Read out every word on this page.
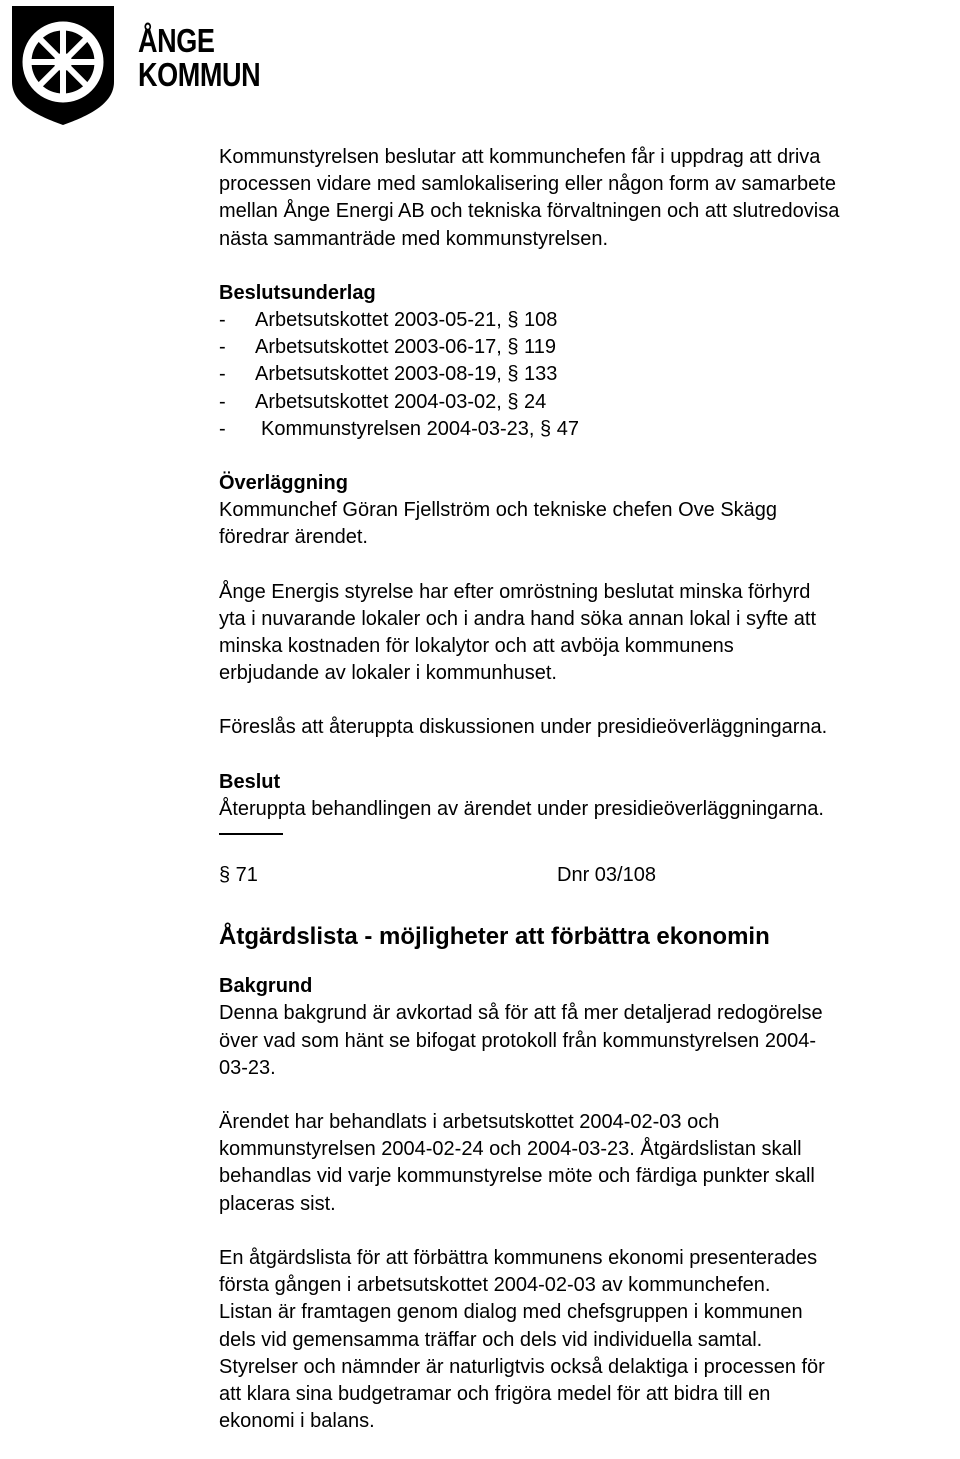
ÅNGE
KOMMUN

Kommunstyrelsen beslutar att kommunchefen får i uppdrag att driva
processen vidare med samlokalisering eller någon form av samarbete
mellan Ånge Energi AB och tekniska förvaltningen och att slutredovisa
nästa sammanträde med kommunstyrelsen.

Beslutsunderlag

- Arbetsutskottet 2003-05-21, § 108
- Arbetsutskottet 2003-06-17, § 119
- Arbetsutskottet 2003-08-19, § 133
- Arbetsutskottet 2004-03-02, § 24
- Kommunstyrelsen 2004-03-23, § 47

Överläggning

Kommunchef Göran Fjellström och tekniske chefen Ove Skägg
föredrar ärendet.

Ånge Energis styrelse har efter omröstning beslutat minska förhyrd
yta i nuvarande lokaler och i andra hand söka annan lokal i syfte att
minska kostnaden för lokalytor och att avböja kommunens
erbjudande av lokaler i kommunhuset.

Föreslås att återuppta diskussionen under presidieöverläggningarna.

Beslut

Återuppta behandlingen av ärendet under presidieöverläggningarna.

§ 71	Dnr 03/108

Åtgärdslista - möjligheter att förbättra ekonomin

Bakgrund

Denna bakgrund är avkortad så för att få mer detaljerad redogörelse
över vad som hänt se bifogat protokoll från kommunstyrelsen 2004-
03-23.

Ärendet har behandlats i arbetsutskottet 2004-02-03 och
kommunstyrelsen 2004-02-24 och 2004-03-23. Åtgärdslistan skall
behandlas vid varje kommunstyrelse möte och färdiga punkter skall
placeras sist.

En åtgärdslista för att förbättra kommunens ekonomi presenterades
första gången i arbetsutskottet 2004-02-03 av kommunchefen.
Listan är framtagen genom dialog med chefsgruppen i kommunen
dels vid gemensamma träffar och dels vid individuella samtal.
Styrelser och nämnder är naturligtvis också delaktiga i processen för
att klara sina budgetramar och frigöra medel för att bidra till en
ekonomi i balans.
